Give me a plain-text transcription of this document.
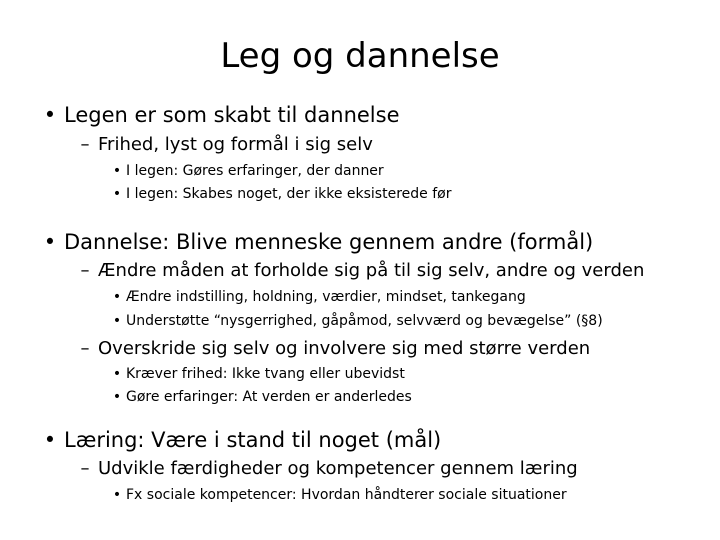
Leg og dannelse
• Legen er som skabt til dannelse
– Frihed, lyst og formål i sig selv
• I legen: Gøres erfaringer, der danner
• I legen: Skabes noget, der ikke eksisterede før
• Dannelse: Blive menneske gennem andre (formål)
– Ændre måden at forholde sig på til sig selv, andre og verden
• Ændre indstilling, holdning, værdier, mindset, tankegang
• Understøtte “nysgerrighed, gåpåmod, selvværd og bevægelse” (§8)
– Overskride sig selv og involvere sig med større verden
• Kræver frihed: Ikke tvang eller ubevidst
• Gøre erfaringer: At verden er anderledes
• Læring: Være i stand til noget (mål)
– Udvikle færdigheder og kompetencer gennem læring
• Fx sociale kompetencer: Hvordan håndterer sociale situationer
